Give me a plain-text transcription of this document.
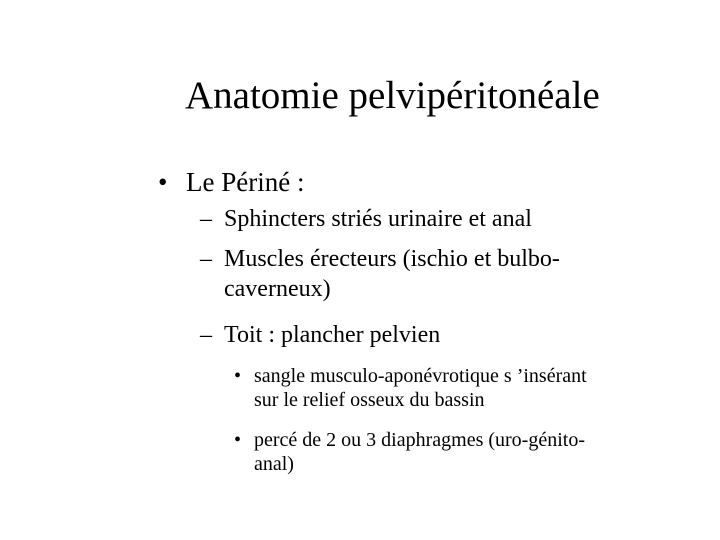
Anatomie pelvipéritonéale
• Le Périné :
– Sphincters striés urinaire et anal
– Muscles érecteurs (ischio et bulbo-
caverneux)
– Toit : plancher pelvien
• sangle musculo-aponévrotique s ’insérant
sur le relief osseux du bassin
• percé de 2 ou 3 diaphragmes (uro-génito-
anal)
